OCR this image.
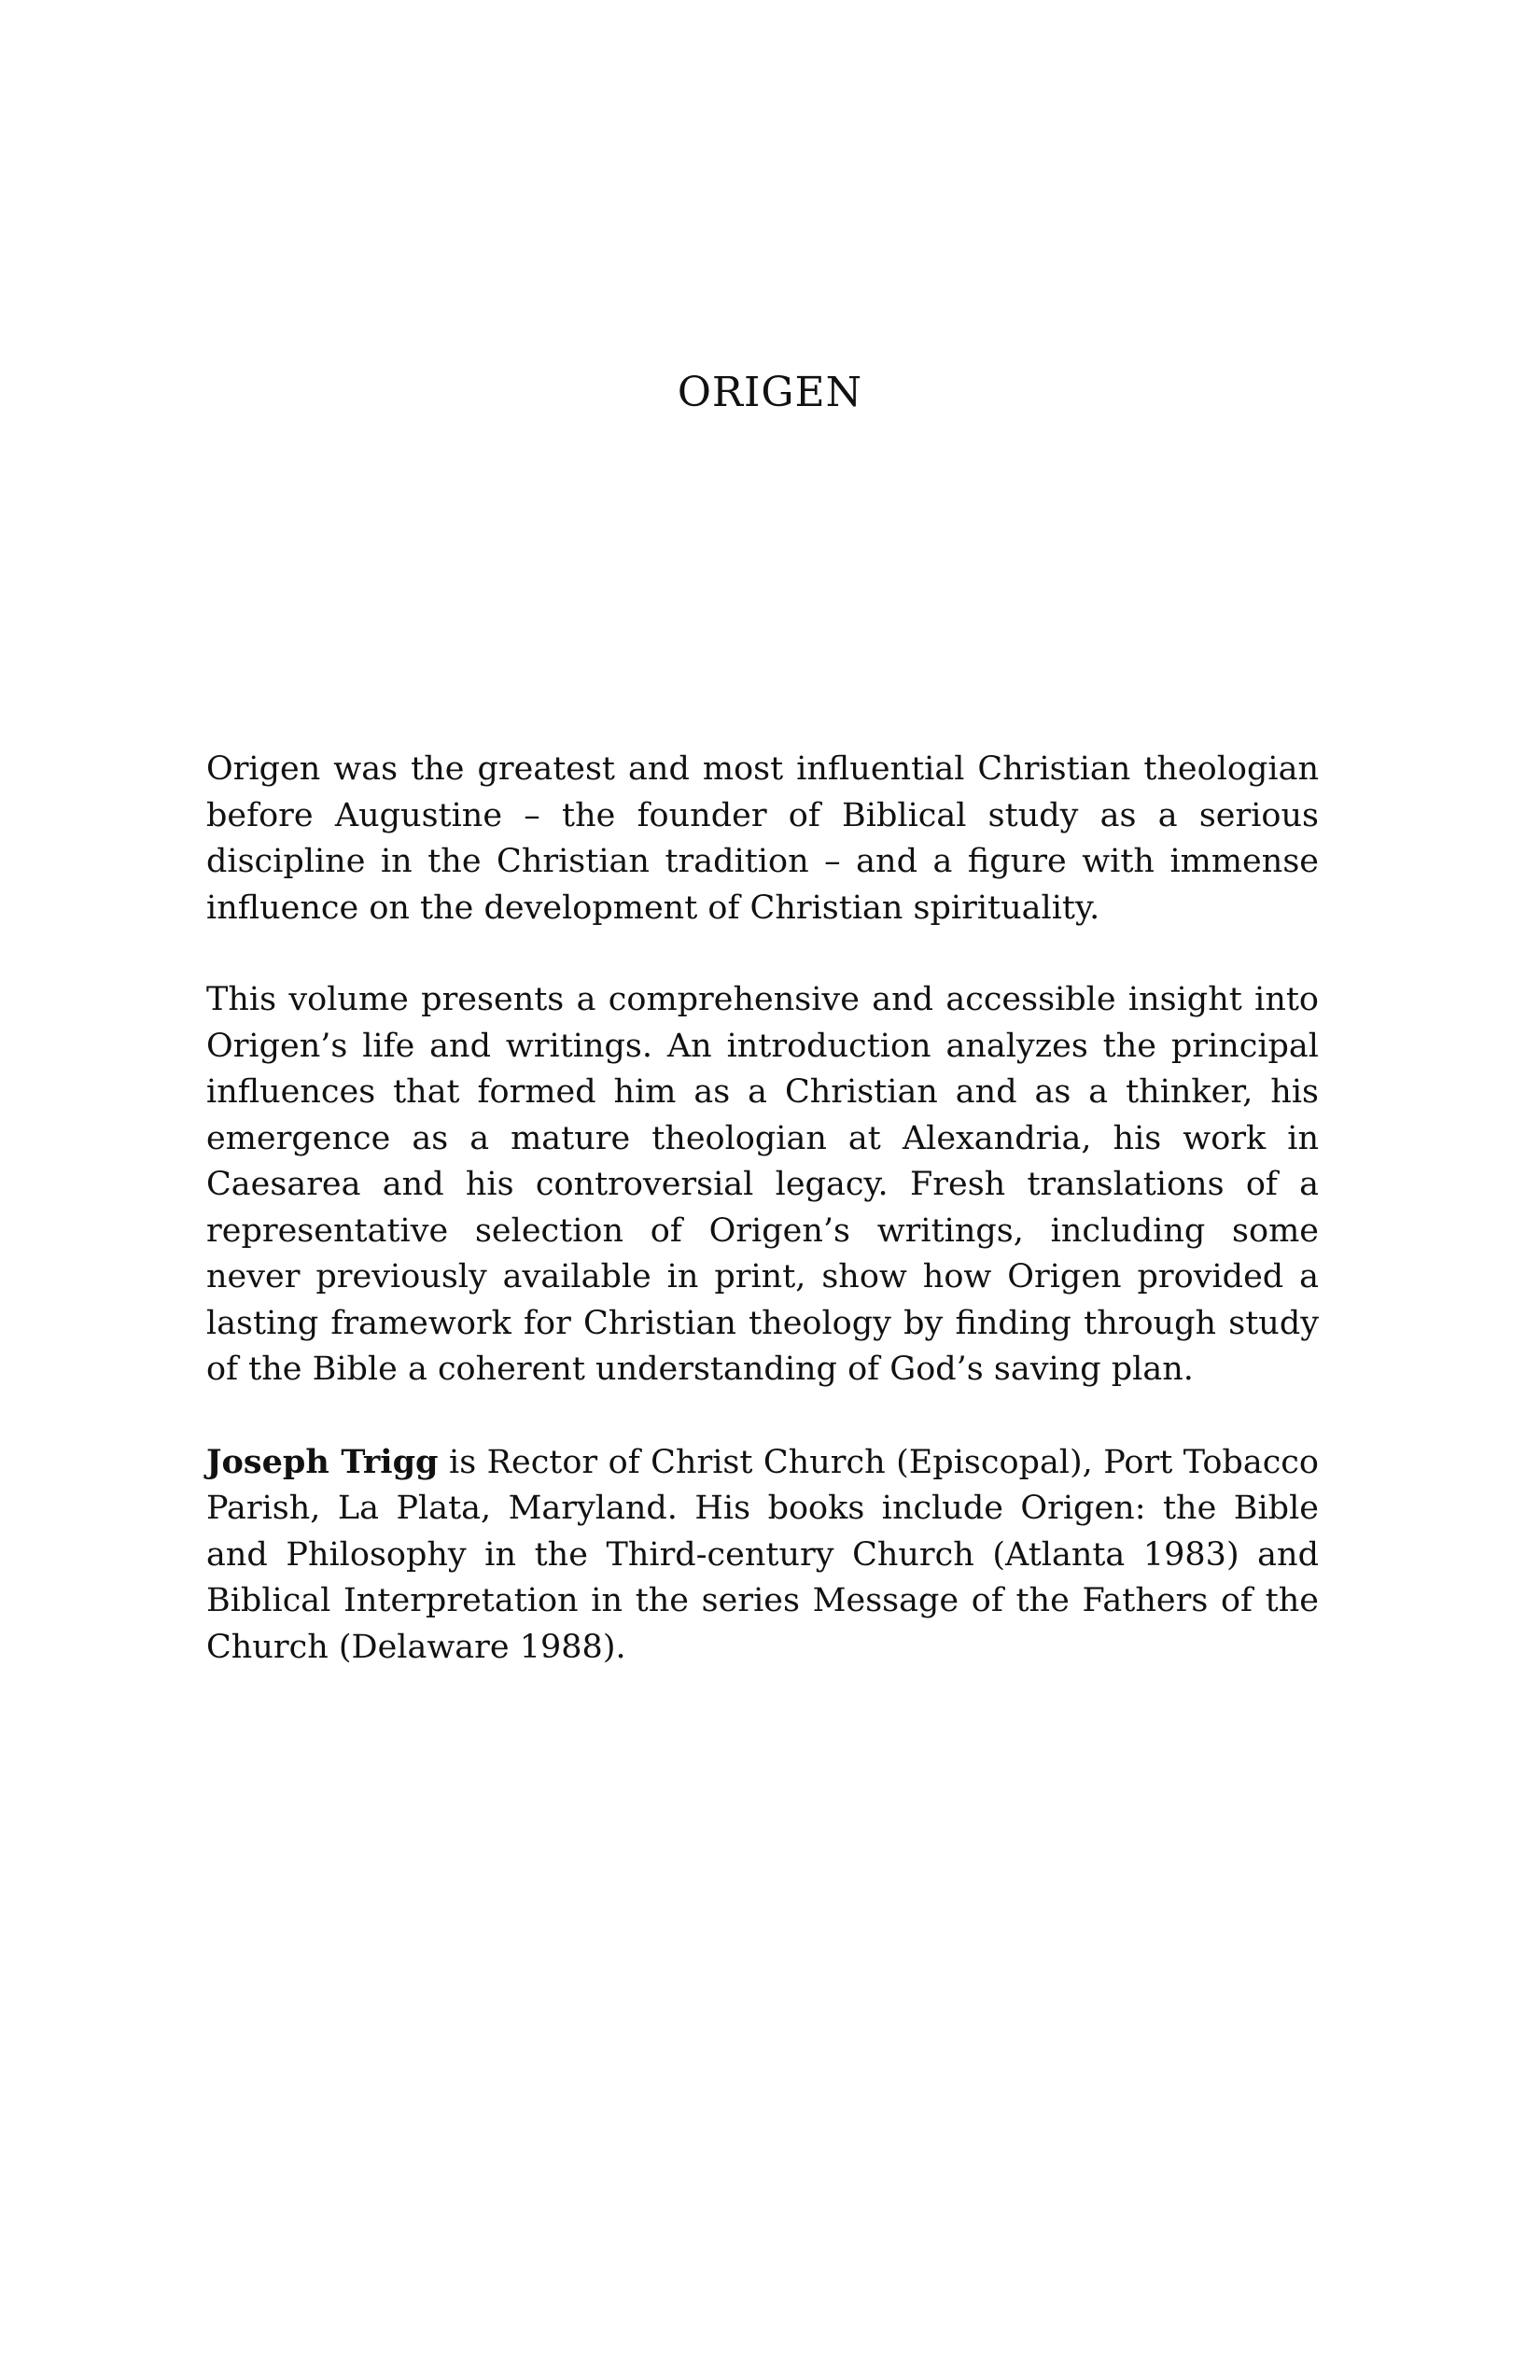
ORIGEN

Origen was the greatest and most influential Christian theologian before Augustine – the founder of Biblical study as a serious discipline in the Christian tradition – and a figure with immense influence on the development of Christian spirituality.

This volume presents a comprehensive and accessible insight into Origen’s life and writings. An introduction analyzes the principal influences that formed him as a Christian and as a thinker, his emergence as a mature theologian at Alexandria, his work in Caesarea and his controversial legacy. Fresh translations of a representative selection of Origen’s writings, including some never previously available in print, show how Origen provided a lasting framework for Christian theology by finding through study of the Bible a coherent understanding of God’s saving plan.

Joseph Trigg is Rector of Christ Church (Episcopal), Port Tobacco Parish, La Plata, Maryland. His books include Origen: the Bible and Philosophy in the Third-century Church (Atlanta 1983) and Biblical Interpretation in the series Message of the Fathers of the Church (Delaware 1988).
